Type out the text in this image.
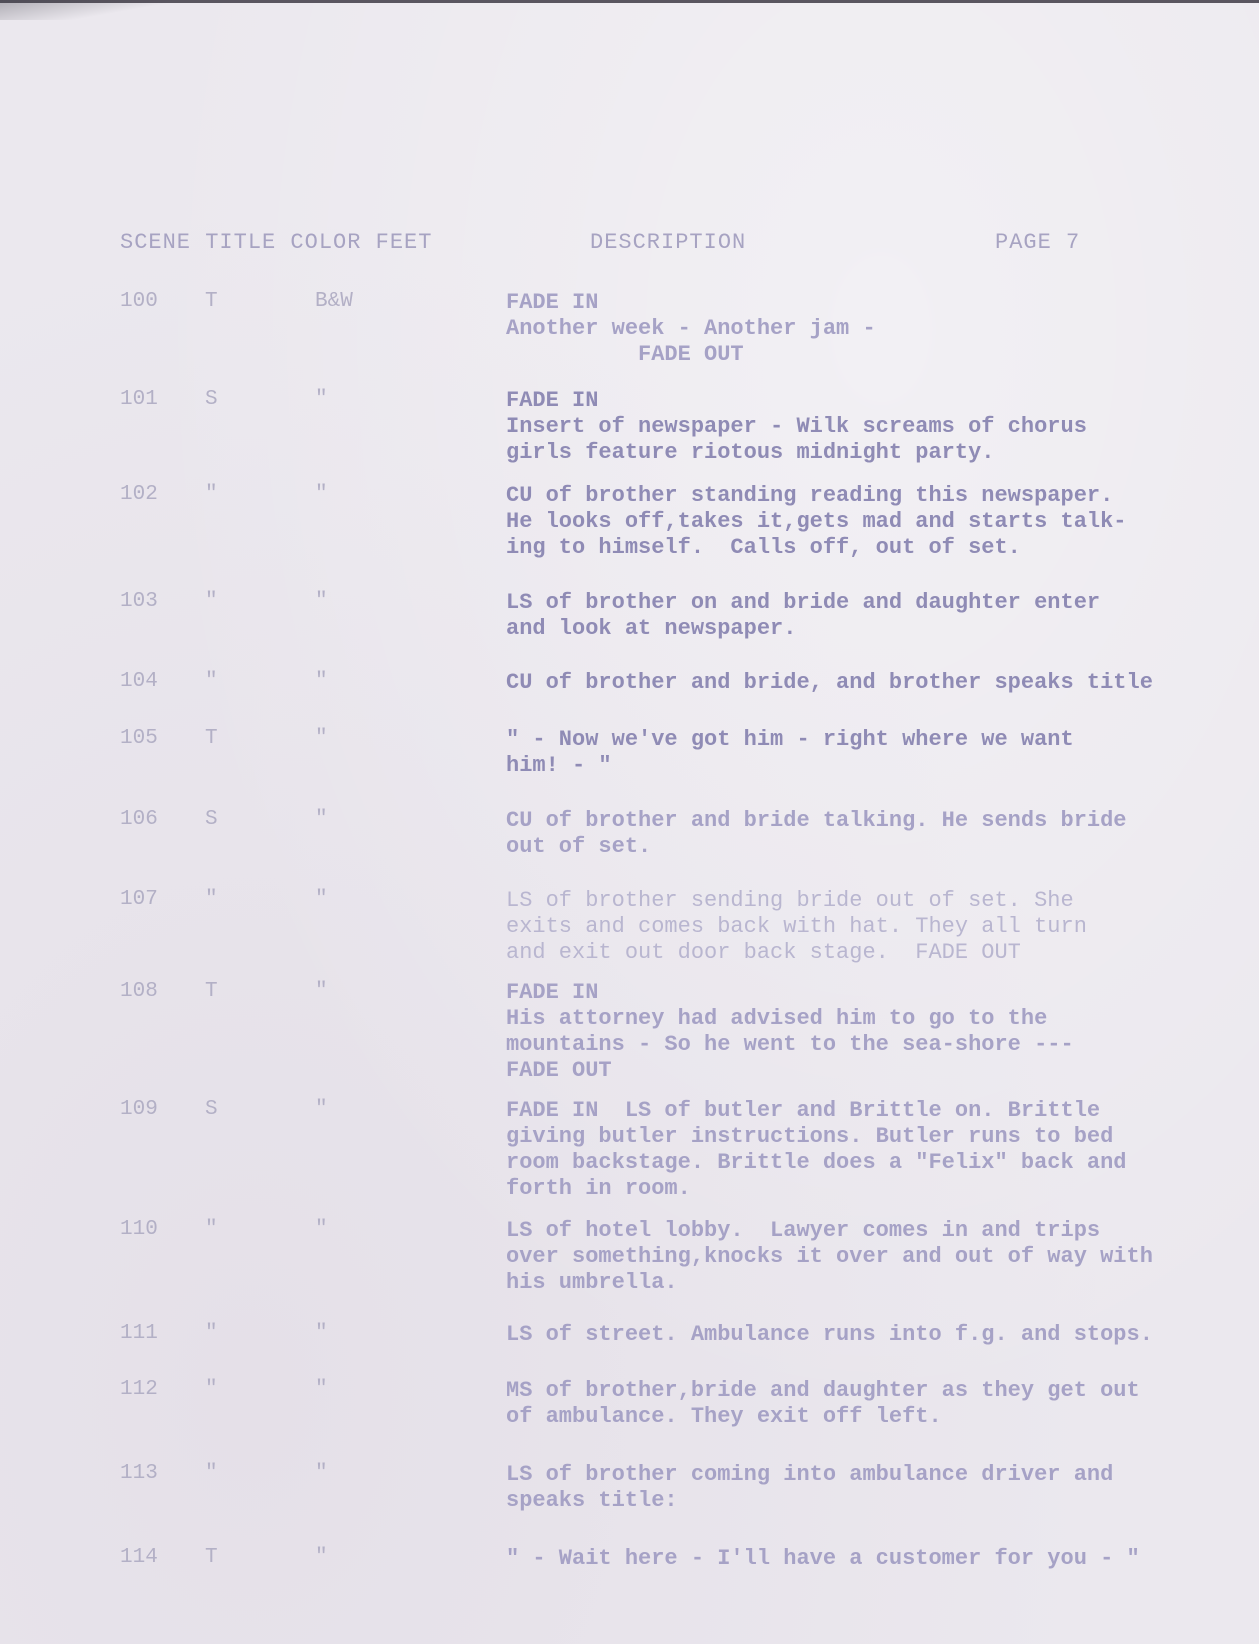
SCENE TITLE COLOR FEET	DESCRIPTION	PAGE 7
100 T	B&W	FADE IN
Another week - Another jam -
FADE OUT
101 S	"	FADE IN
Insert of newspaper - Wilk screams of chorus
girls feature riotous midnight party.
102 "	"	CU of brother standing reading this newspaper.
He looks off,takes it,gets mad and starts talk-
ing to himself.  Calls off, out of set.
103 "	"	LS of brother on and bride and daughter enter
and look at newspaper.
104 "	"	CU of brother and bride, and brother speaks title
105 T	"	" - Now we've got him - right where we want
him! - "
106 S	"	CU of brother and bride talking. He sends bride
out of set.
107 "	"	LS of brother sending bride out of set. She
exits and comes back with hat. They all turn
and exit out door back stage.  FADE OUT
108 T	"	FADE IN
His attorney had advised him to go to the
mountains - So he went to the sea-shore ---
FADE OUT
109 S	"	FADE IN  LS of butler and Brittle on. Brittle
giving butler instructions. Butler runs to bed
room backstage. Brittle does a "Felix" back and
forth in room.
110 "	"	LS of hotel lobby.  Lawyer comes in and trips
over something,knocks it over and out of way with
his umbrella.
111 "	"	LS of street. Ambulance runs into f.g. and stops.
112 "	"	MS of brother,bride and daughter as they get out
of ambulance. They exit off left.
113 "	"	LS of brother coming into ambulance driver and
speaks title:
114 T	"	" - Wait here - I'll have a customer for you - "
